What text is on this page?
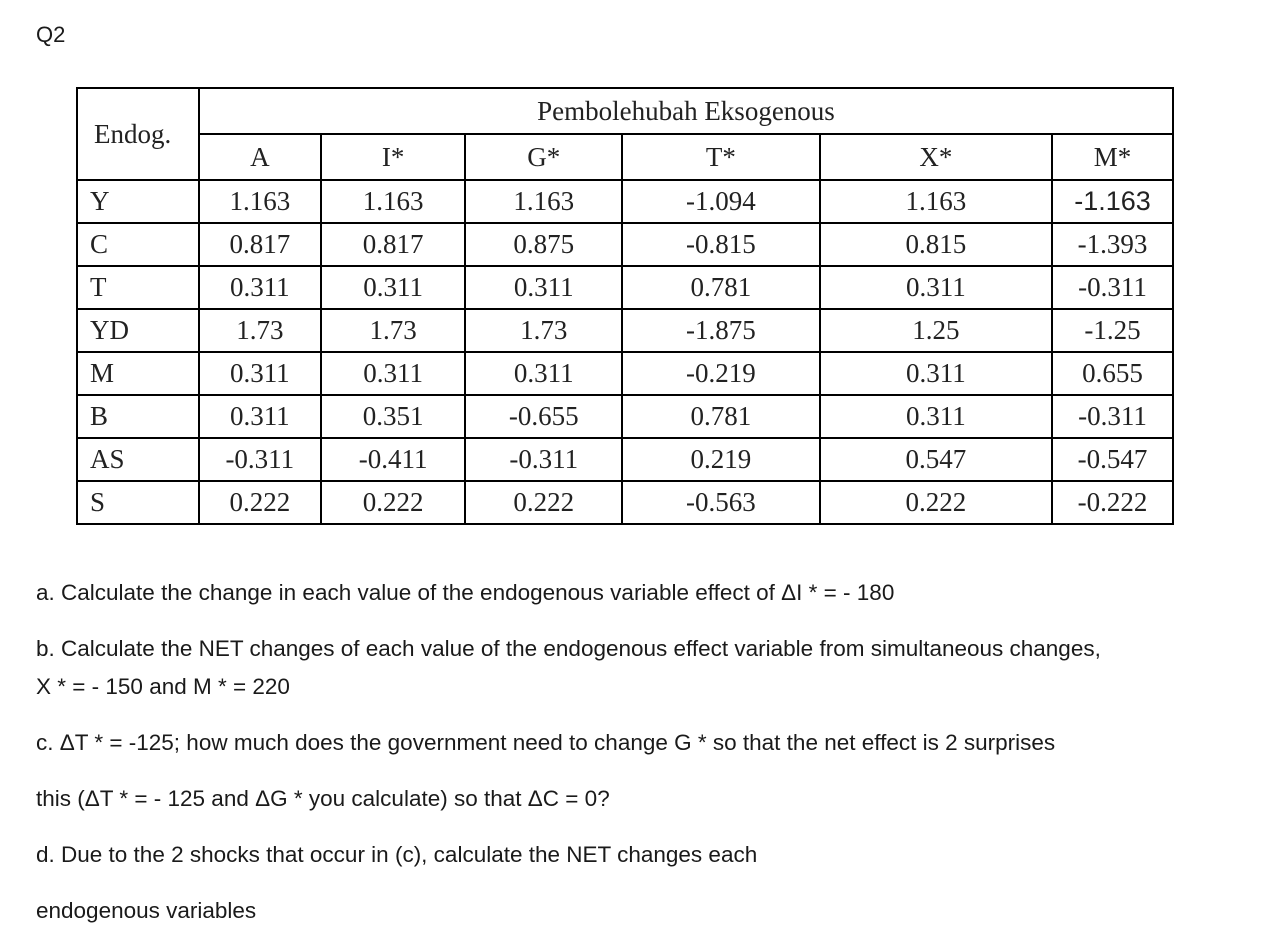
Q2
Endog.	Pembolehubah Eksogenous					
	A	I*	G*	T*	X*	M*
Y	1.163	1.163	1.163	-1.094	1.163	-1.163
C	0.817	0.817	0.875	-0.815	0.815	-1.393
T	0.311	0.311	0.311	0.781	0.311	-0.311
YD	1.73	1.73	1.73	-1.875	1.25	-1.25
M	0.311	0.311	0.311	-0.219	0.311	0.655
B	0.311	0.351	-0.655	0.781	0.311	-0.311
AS	-0.311	-0.411	-0.311	0.219	0.547	-0.547
S	0.222	0.222	0.222	-0.563	0.222	-0.222

a. Calculate the change in each value of the endogenous variable effect of ΔI * = - 180

b. Calculate the NET changes of each value of the endogenous effect variable from simultaneous changes,

X * = - 150 and M * = 220

c. ΔT * = -125; how much does the government need to change G * so that the net effect is 2 surprises

this (ΔT * = - 125 and ΔG * you calculate) so that ΔC = 0?

d. Due to the 2 shocks that occur in (c), calculate the NET changes each

endogenous variables
